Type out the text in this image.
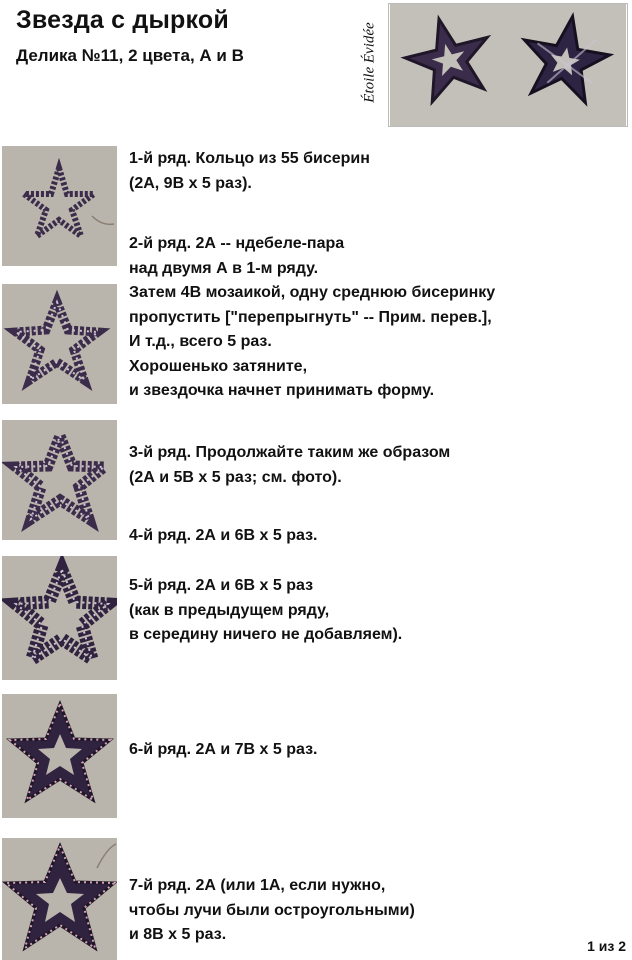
Звезда с дыркой
Делика №11, 2 цвета, А и В	Étoile Évidée

1-й ряд. Кольцо из 55 бисерин
(2А, 9В х 5 раз).

2-й ряд. 2А -- ндебеле-пара
над двумя А в 1-м ряду.
Затем 4В мозаикой, одну среднюю бисеринку
пропустить ["перепрыгнуть" -- Прим. перев.],
И т.д., всего 5 раз.
Хорошенько затяните,
и звездочка начнет принимать форму.

3-й ряд. Продолжайте таким же образом
(2А и 5В х 5 раз; см. фото).

4-й ряд. 2А и 6В х 5 раз.

5-й ряд. 2А и 6В х 5 раз
(как в предыдущем ряду,
в середину ничего не добавляем).

6-й ряд. 2А и 7В х 5 раз.

7-й ряд. 2А (или 1А, если нужно,
чтобы лучи были остроугольными)
и 8В х 5 раз.

1 из 2
